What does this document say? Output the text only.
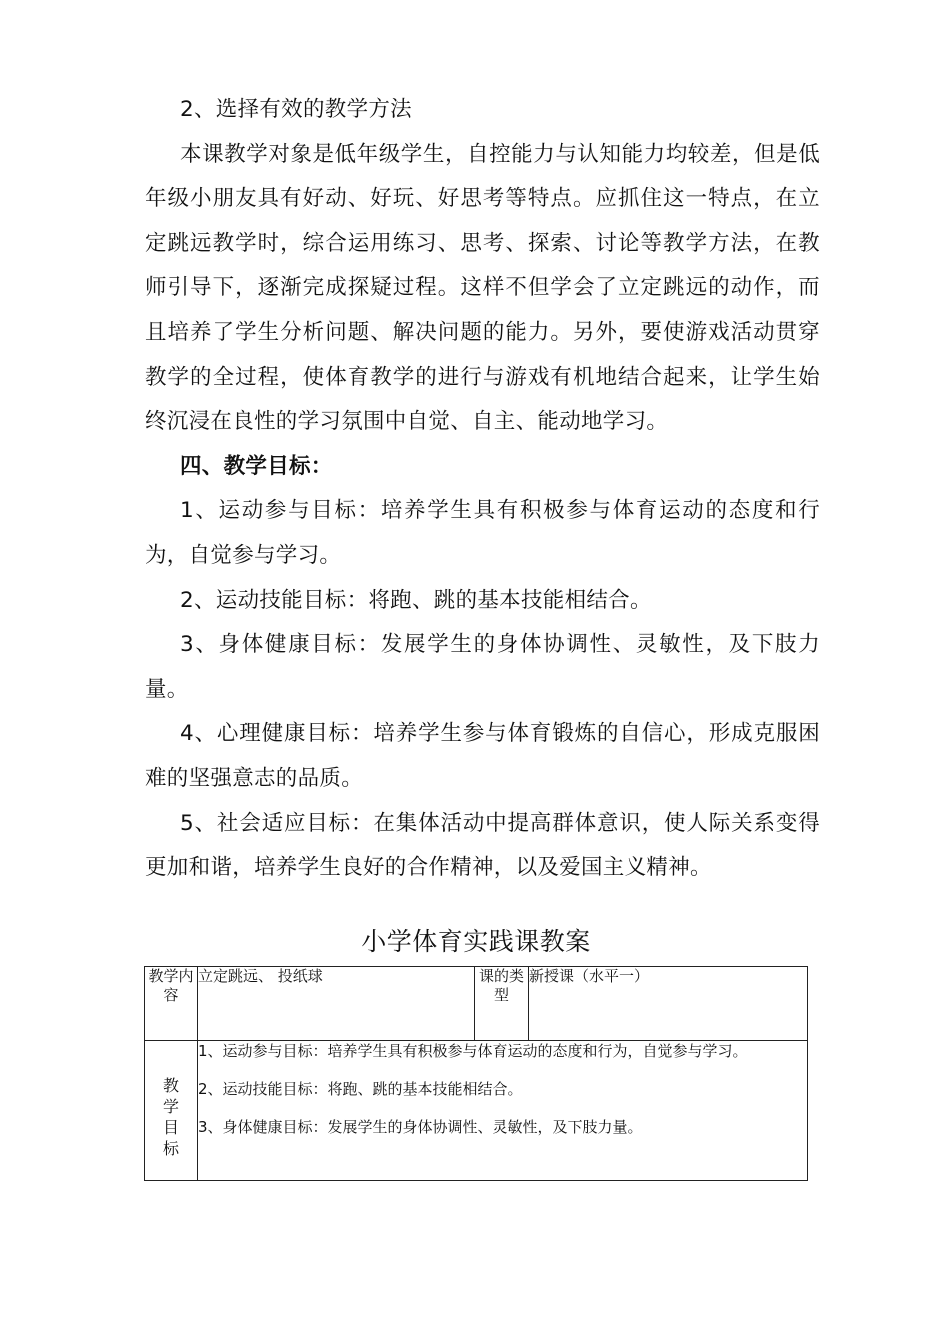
2、选择有效的教学方法

本课教学对象是低年级学生，自控能力与认知能力均较差，但是低年级小朋友具有好动、好玩、好思考等特点。应抓住这一特点，在立定跳远教学时，综合运用练习、思考、探索、讨论等教学方法，在教师引导下，逐渐完成探疑过程。这样不但学会了立定跳远的动作，而且培养了学生分析问题、解决问题的能力。另外，要使游戏活动贯穿教学的全过程，使体育教学的进行与游戏有机地结合起来，让学生始终沉浸在良性的学习氛围中自觉、自主、能动地学习。

四、教学目标：

1、运动参与目标：培养学生具有积极参与体育运动的态度和行为，自觉参与学习。

2、运动技能目标：将跑、跳的基本技能相结合。

3、身体健康目标：发展学生的身体协调性、灵敏性，及下肢力量。

4、心理健康目标：培养学生参与体育锻炼的自信心，形成克服困难的坚强意志的品质。

5、社会适应目标：在集体活动中提高群体意识，使人际关系变得更加和谐，培养学生良好的合作精神，以及爱国主义精神。

小学体育实践课教案
教学内容	立定跳远、 投纸球	课的类型	新授课（水平一）

教学目标	1、运动参与目标：培养学生具有积极参与体育运动的态度和行为，自觉参与学习。

2、运动技能目标：将跑、跳的基本技能相结合。

3、身体健康目标：发展学生的身体协调性、灵敏性，及下肢力量。		
